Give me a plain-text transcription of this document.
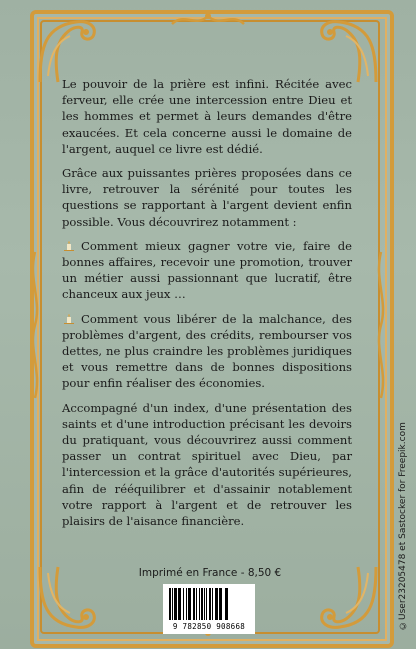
Le pouvoir de la prière est infini. Récitée avec ferveur, elle crée une intercession entre Dieu et les hommes et permet à leurs demandes d'être exaucées. Et cela concerne aussi le domaine de l'argent, auquel ce livre est dédié.

Grâce aux puissantes prières proposées dans ce livre, retrouver la sérénité pour toutes les questions se rapportant à l'argent devient enfin possible. Vous découvrirez notamment :

Comment mieux gagner votre vie, faire de bonnes affaires, recevoir une promotion, trouver un métier aussi passionnant que lucratif, être chanceux aux jeux …

Comment vous libérer de la malchance, des problèmes d'argent, des crédits, rembourser vos dettes, ne plus craindre les problèmes juridiques et vous remettre dans de bonnes dispositions pour enfin réaliser des économies.

Accompagné d'un index, d'une présentation des saints et d'une introduction précisant les devoirs du pratiquant, vous découvrirez aussi comment passer un contrat spirituel avec Dieu, par l'intercession et la grâce d'autorités supérieures, afin de rééquilibrer et d'assainir notablement votre rapport à l'argent et de retrouver les plaisirs de l'aisance financière.

Imprimé en France - 8,50 €
9 782850 908668	©User23205478 et Sastocker for Freepik.com
